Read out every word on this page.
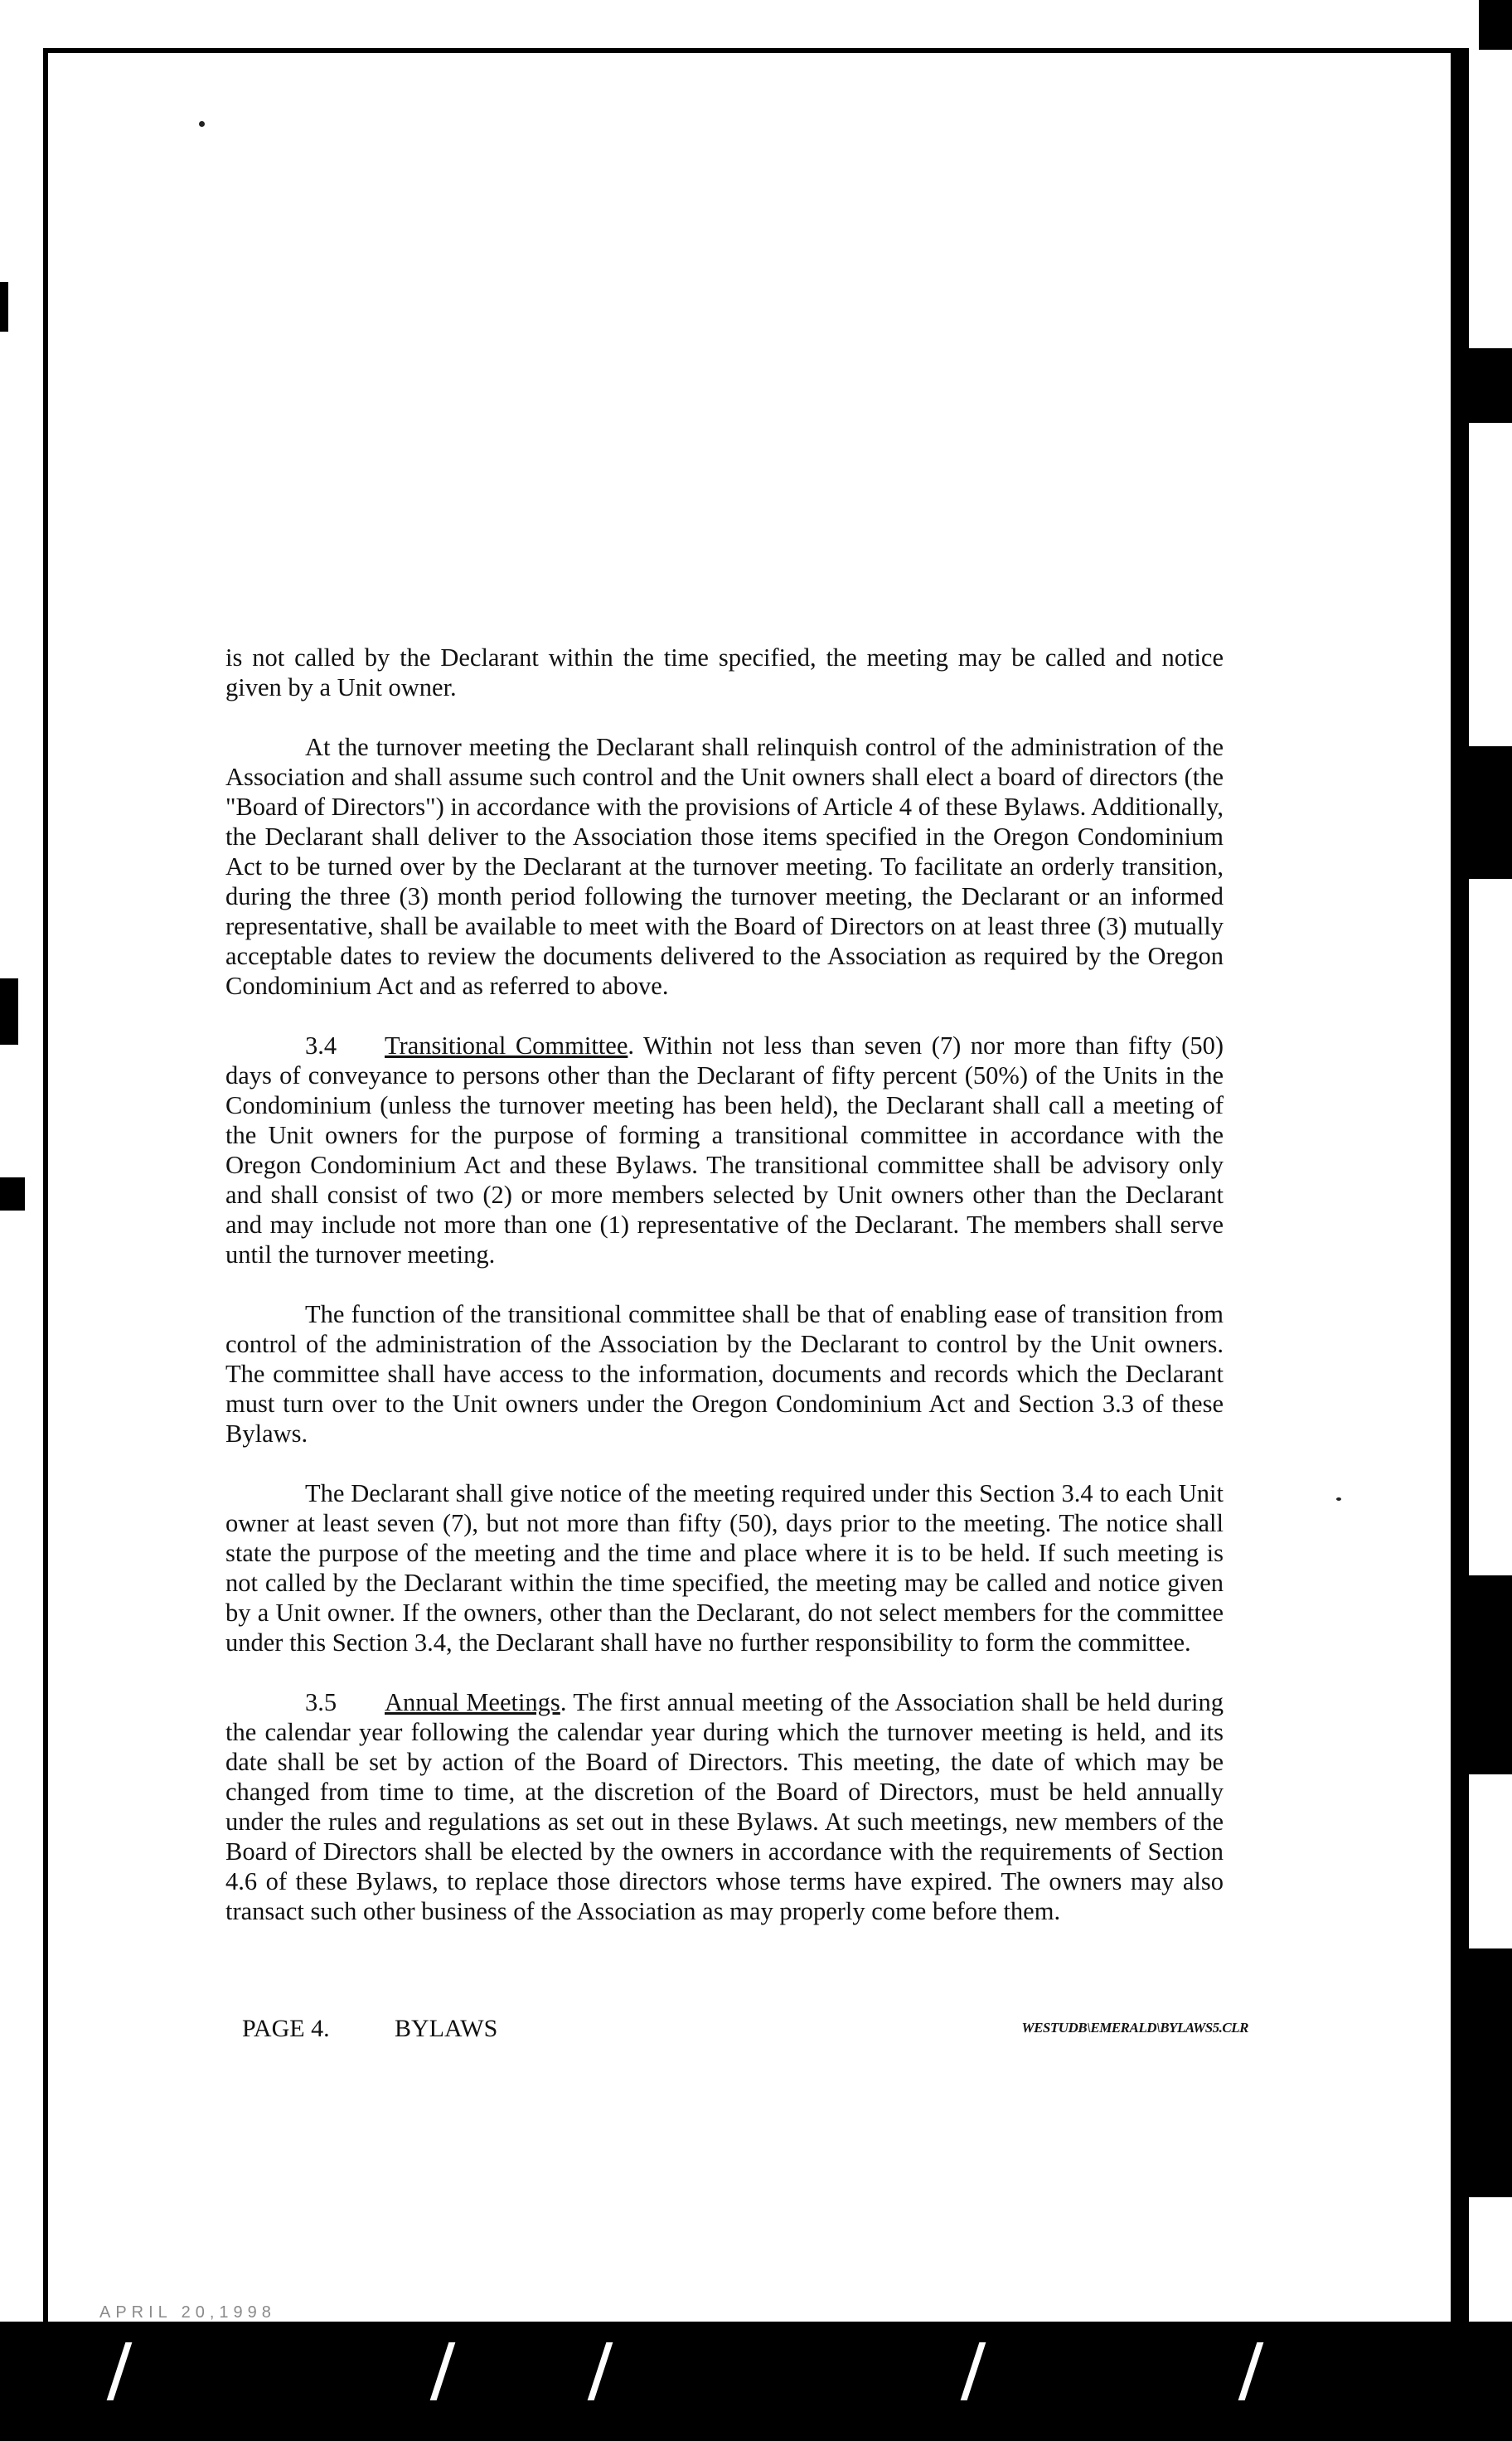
is not called by the Declarant within the time specified, the meeting may be called and notice given by a Unit owner.

At the turnover meeting the Declarant shall relinquish control of the administration of the Association and shall assume such control and the Unit owners shall elect a board of directors (the "Board of Directors") in accordance with the provisions of Article 4 of these Bylaws. Additionally, the Declarant shall deliver to the Association those items specified in the Oregon Condominium Act to be turned over by the Declarant at the turnover meeting. To facilitate an orderly transition, during the three (3) month period following the turnover meeting, the Declarant or an informed representative, shall be available to meet with the Board of Directors on at least three (3) mutually acceptable dates to review the documents delivered to the Association as required by the Oregon Condominium Act and as referred to above.

3.4 Transitional Committee. Within not less than seven (7) nor more than fifty (50) days of conveyance to persons other than the Declarant of fifty percent (50%) of the Units in the Condominium (unless the turnover meeting has been held), the Declarant shall call a meeting of the Unit owners for the purpose of forming a transitional committee in accordance with the Oregon Condominium Act and these Bylaws. The transitional committee shall be advisory only and shall consist of two (2) or more members selected by Unit owners other than the Declarant and may include not more than one (1) representative of the Declarant. The members shall serve until the turnover meeting.

The function of the transitional committee shall be that of enabling ease of transition from control of the administration of the Association by the Declarant to control by the Unit owners. The committee shall have access to the information, documents and records which the Declarant must turn over to the Unit owners under the Oregon Condominium Act and Section 3.3 of these Bylaws.

The Declarant shall give notice of the meeting required under this Section 3.4 to each Unit owner at least seven (7), but not more than fifty (50), days prior to the meeting. The notice shall state the purpose of the meeting and the time and place where it is to be held. If such meeting is not called by the Declarant within the time specified, the meeting may be called and notice given by a Unit owner. If the owners, other than the Declarant, do not select members for the committee under this Section 3.4, the Declarant shall have no further responsibility to form the committee.

3.5 Annual Meetings. The first annual meeting of the Association shall be held during the calendar year following the calendar year during which the turnover meeting is held, and its date shall be set by action of the Board of Directors. This meeting, the date of which may be changed from time to time, at the discretion of the Board of Directors, must be held annually under the rules and regulations as set out in these Bylaws. At such meetings, new members of the Board of Directors shall be elected by the owners in accordance with the requirements of Section 4.6 of these Bylaws, to replace those directors whose terms have expired. The owners may also transact such other business of the Association as may properly come before them.

PAGE 4.	BYLAWS	WESTUDB\EMERALD\BYLAWS5.CLR
APRIL 20,1998
